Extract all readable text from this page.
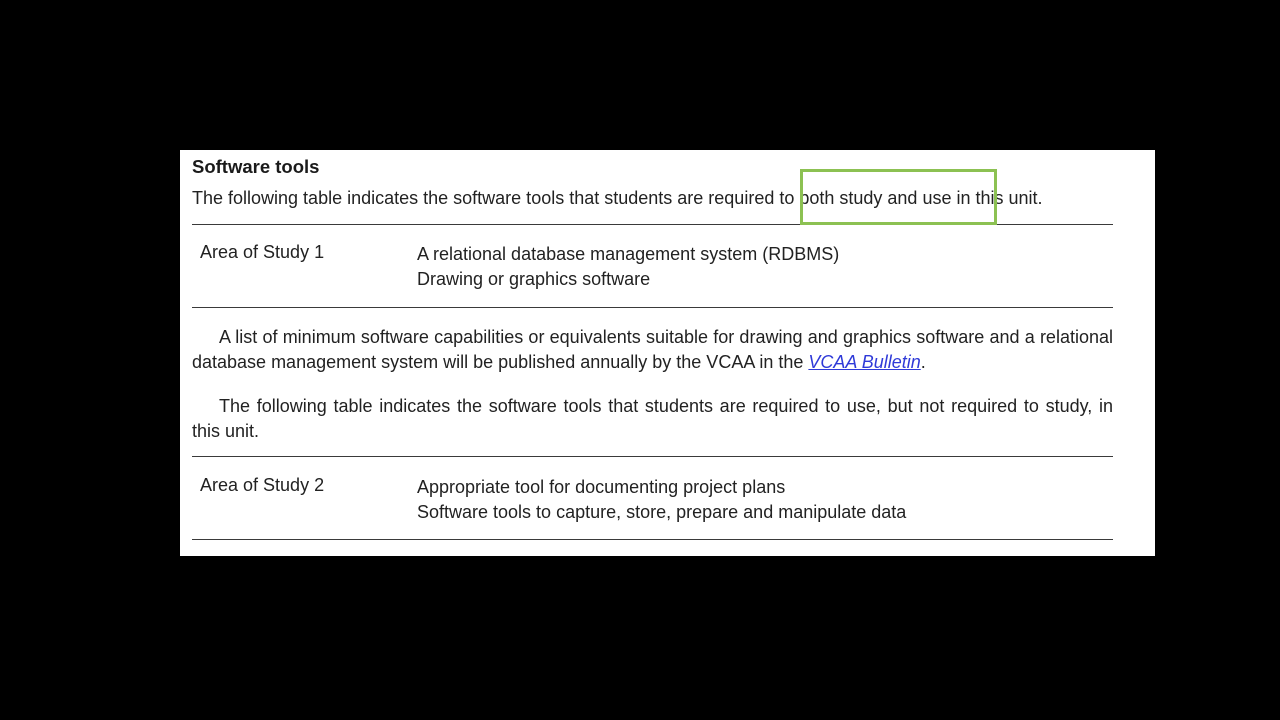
Software tools
The following table indicates the software tools that students are required to both study and use in this unit.
Area of Study 1	A relational database management system (RDBMS)
Drawing or graphics software
A list of minimum software capabilities or equivalents suitable for drawing and graphics software and a relational database management system will be published annually by the VCAA in the VCAA Bulletin.
The following table indicates the software tools that students are required to use, but not required to study, in this unit.
Area of Study 2	Appropriate tool for documenting project plans
Software tools to capture, store, prepare and manipulate data
